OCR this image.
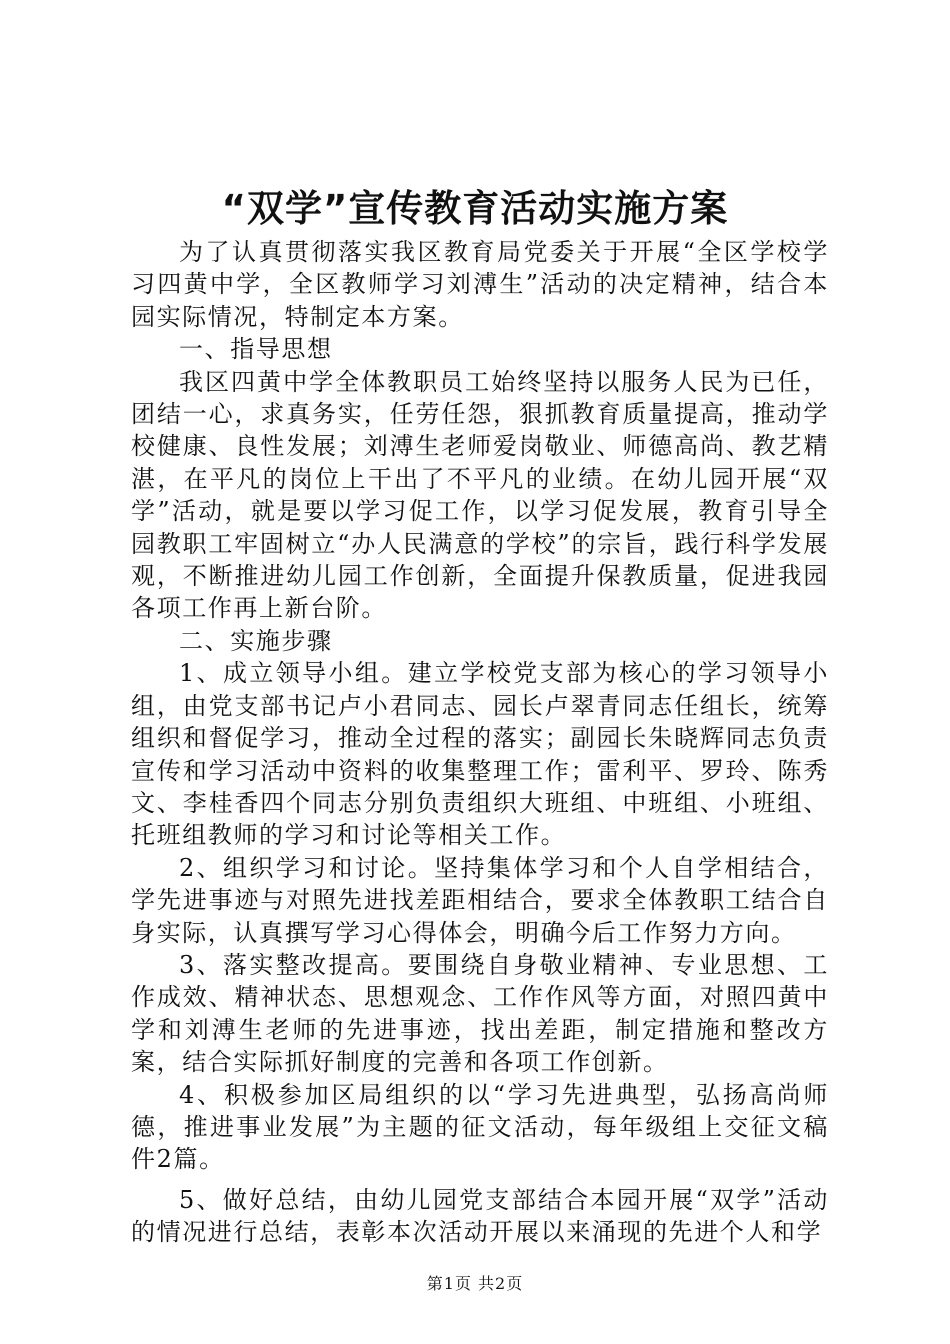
“双学”宣传教育活动实施方案

为了认真贯彻落实我区教育局党委关于开展“全区学校学习四黄中学，全区教师学习刘溥生”活动的决定精神，结合本园实际情况，特制定本方案。

一、指导思想

我区四黄中学全体教职员工始终坚持以服务人民为已任，团结一心，求真务实，任劳任怨，狠抓教育质量提高，推动学校健康、良性发展；刘溥生老师爱岗敬业、师德高尚、教艺精湛，在平凡的岗位上干出了不平凡的业绩。在幼儿园开展“双学”活动，就是要以学习促工作，以学习促发展，教育引导全园教职工牢固树立“办人民满意的学校”的宗旨，践行科学发展观，不断推进幼儿园工作创新，全面提升保教质量，促进我园各项工作再上新台阶。

二、实施步骤

1、成立领导小组。建立学校党支部为核心的学习领导小组，由党支部书记卢小君同志、园长卢翠青同志任组长，统筹组织和督促学习，推动全过程的落实；副园长朱晓辉同志负责宣传和学习活动中资料的收集整理工作；雷利平、罗玲、陈秀文、李桂香四个同志分别负责组织大班组、中班组、小班组、托班组教师的学习和讨论等相关工作。

2、组织学习和讨论。坚持集体学习和个人自学相结合，学先进事迹与对照先进找差距相结合，要求全体教职工结合自身实际，认真撰写学习心得体会，明确今后工作努力方向。

3、落实整改提高。要围绕自身敬业精神、专业思想、工作成效、精神状态、思想观念、工作作风等方面，对照四黄中学和刘溥生老师的先进事迹，找出差距，制定措施和整改方案，结合实际抓好制度的完善和各项工作创新。

4、积极参加区局组织的以“学习先进典型，弘扬高尚师德，推进事业发展”为主题的征文活动，每年级组上交征文稿件2篇。

5、做好总结，由幼儿园党支部结合本园开展“双学”活动的情况进行总结，表彰本次活动开展以来涌现的先进个人和学

第1页 共2页
